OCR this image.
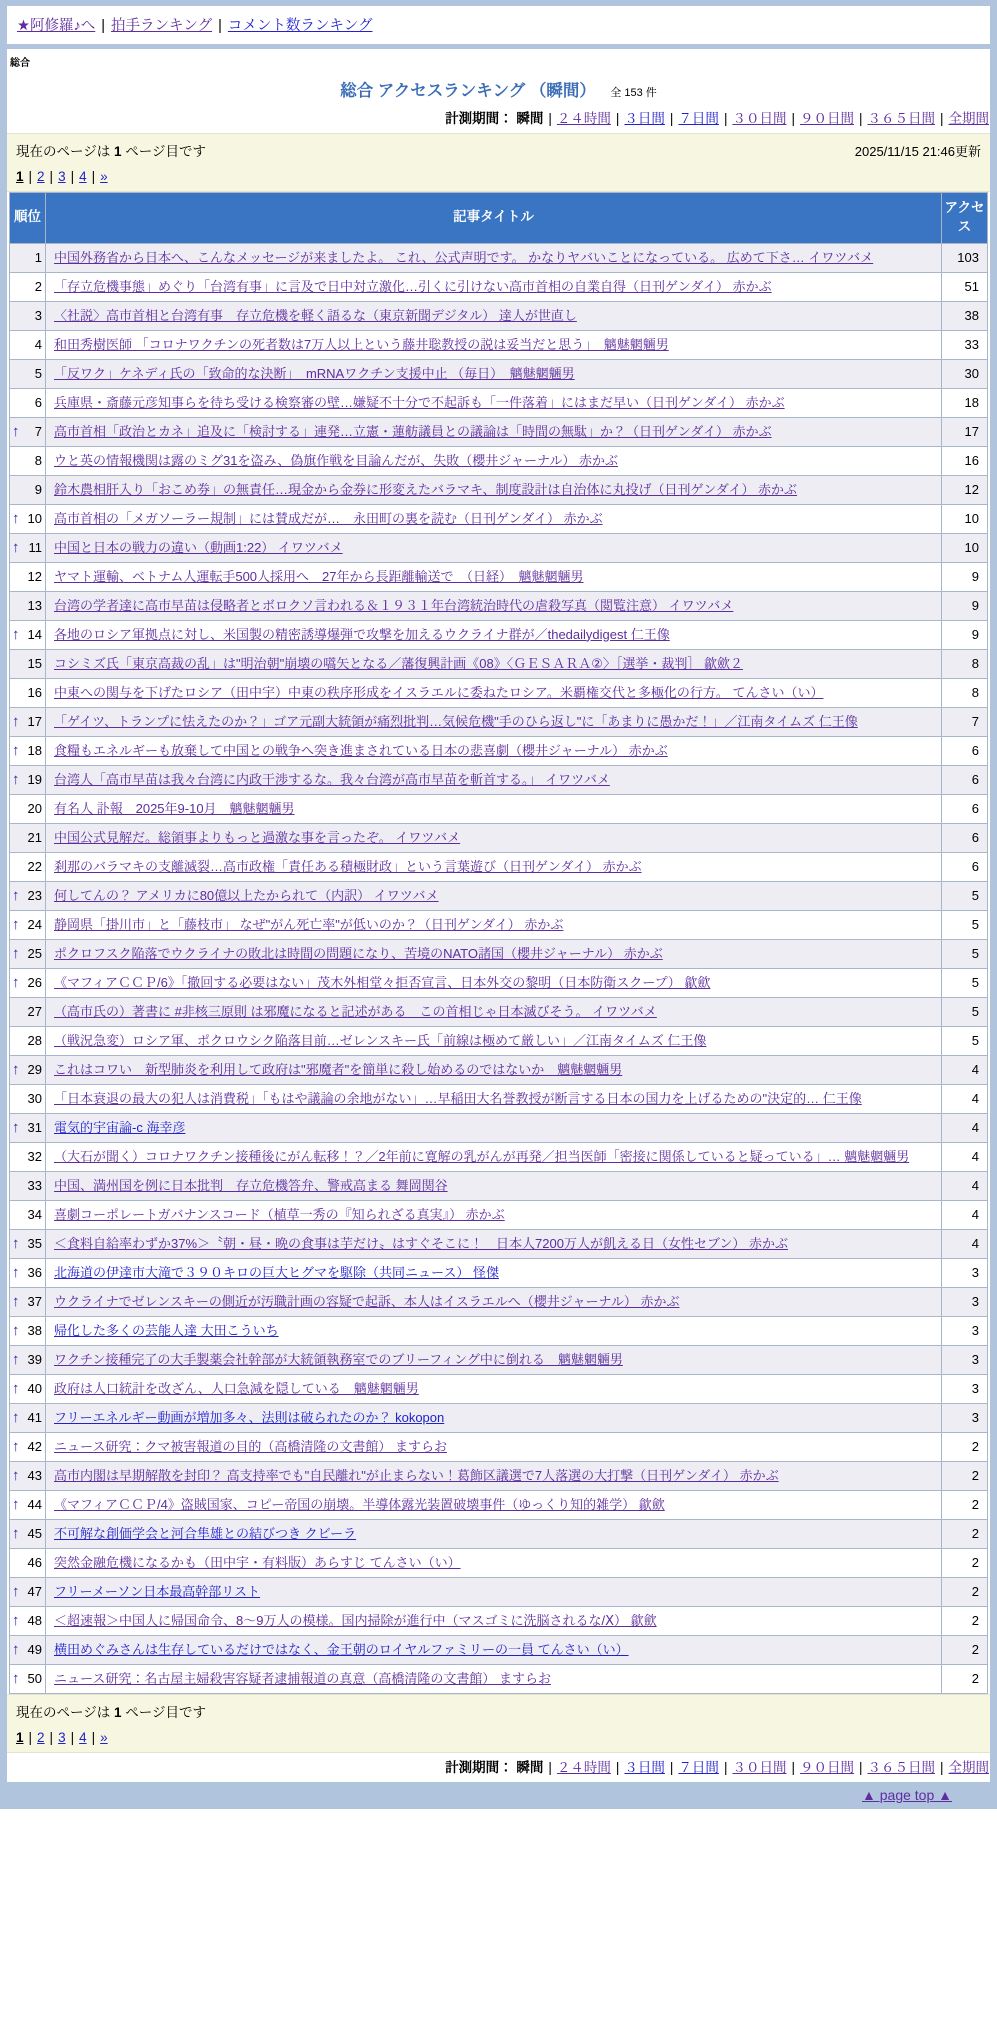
★阿修羅♪へ | 拍手ランキング | コメント数ランキング
総合
総合 アクセスランキング （瞬間） 全 153 件
計測期間： 瞬間 | ２４時間 | ３日間 | ７日間 | ３０日間 | ９０日間 | ３６５日間 | 全期間
現在のページは 1 ページ目です	2025/11/15 21:46更新
1 | 2 | 3 | 4 | »
順位	記事タイトル	アクセス

1	中国外務省から日本へ、こんなメッセージが来ましたよ。 これ、公式声明です。 かなりヤバいことになっている。 広めて下さ… イワツバメ	103

2	「存立危機事態」めぐり「台湾有事」に言及で日中対立激化…引くに引けない高市首相の自業自得（日刊ゲンダイ） 赤かぶ	51

3	〈社説〉高市首相と台湾有事　存立危機を軽く語るな（東京新聞デジタル） 達人が世直し	38

4	和田秀樹医師 「コロナワクチンの死者数は7万人以上という藤井聡教授の説は妥当だと思う」　魑魅魍魎男	33

5	「反ワク」ケネディ氏の「致命的な決断」　mRNAワクチン支援中止 （毎日）　魑魅魍魎男	30

6	兵庫県・斎藤元彦知事らを待ち受ける検察審の壁…嫌疑不十分で不起訴も「一件落着」にはまだ早い（日刊ゲンダイ） 赤かぶ	18

↑ 7	高市首相「政治とカネ」追及に「検討する」連発…立憲・蓮舫議員との議論は「時間の無駄」か？（日刊ゲンダイ） 赤かぶ	17

8	ウと英の情報機関は露のミグ31を盗み、偽旗作戦を目論んだが、失敗（櫻井ジャーナル） 赤かぶ	16

9	鈴木農相肝入り「おこめ券」の無責任…現金から金券に形変えたバラマキ、制度設計は自治体に丸投げ（日刊ゲンダイ） 赤かぶ	12

↑ 10	高市首相の「メガソーラー規制」には賛成だが…　永田町の裏を読む（日刊ゲンダイ） 赤かぶ	10

↑ 11	中国と日本の戦力の違い（動画1:22） イワツバメ	10

12	ヤマト運輸、ベトナム人運転手500人採用へ　27年から長距離輸送で　（日経）　魑魅魍魎男	9

13	台湾の学者達に高市早苗は侵略者とボロクソ言われる＆１９３１年台湾統治時代の虐殺写真（閲覧注意） イワツバメ	9

↑ 14	各地のロシア軍拠点に対し、米国製の精密誘導爆弾で攻撃を加えるウクライナ群が／thedailydigest 仁王像	9

15	コシミズ氏「東京高裁の乱」は"明治朝"崩壊の嚆矢となる／藩復興計画《08》〈ＧＥＳＡＲＡ②〉［選挙・裁判］ 歙歛２	8

16	中東への関与を下げたロシア（田中宇）中東の秩序形成をイスラエルに委ねたロシア。米覇権交代と多極化の行方。 てんさい（い）	8

↑ 17	「ゲイツ、トランプに怯えたのか？」ゴア元副大統領が痛烈批判…気候危機"手のひら返し"に「あまりに愚かだ！」／江南タイムズ 仁王像	7

↑ 18	食糧もエネルギーも放棄して中国との戦争へ突き進まされている日本の悲喜劇（櫻井ジャーナル） 赤かぶ	6

↑ 19	台湾人「高市早苗は我々台湾に内政干渉するな。我々台湾が高市早苗を斬首する。」 イワツバメ	6

20	有名人 訃報　2025年9-10月　魑魅魍魎男	6

21	中国公式見解だ。総領事よりもっと過激な事を言ったぞ。 イワツバメ	6

22	刹那のバラマキの支離滅裂…高市政権「責任ある積極財政」という言葉遊び（日刊ゲンダイ） 赤かぶ	6

↑ 23	何してんの？ アメリカに80億以上たかられて（内訳） イワツバメ	5

↑ 24	静岡県「掛川市」と「藤枝市」 なぜ"がん死亡率"が低いのか？（日刊ゲンダイ） 赤かぶ	5

↑ 25	ポクロフスク陥落でウクライナの敗北は時間の問題になり、苦境のNATO諸国（櫻井ジャーナル） 赤かぶ	5

↑ 26	《マフィアＣＣＰ/6》「撤回する必要はない」茂木外相堂々拒否宣言、日本外交の黎明（日本防衛スクープ） 歙歛	5

27	（高市氏の）著書に #非核三原則 は邪魔になると記述がある　この首相じゃ日本滅びそう。 イワツバメ	5

28	（戦況急変）ロシア軍、ポクロウシク陥落目前…ゼレンスキー氏「前線は極めて厳しい」／江南タイムズ 仁王像	5

↑ 29	これはコワい　新型肺炎を利用して政府は"邪魔者"を簡単に殺し始めるのではないか　魑魅魍魎男	4

30	「日本衰退の最大の犯人は消費税」「もはや議論の余地がない」…早稲田大名誉教授が断言する日本の国力を上げるための"決定的… 仁王像	4

↑ 31	電気的宇宙論-c 海幸彦	4

32	（大石が聞く）コロナワクチン接種後にがん転移！？／2年前に寛解の乳がんが再発／担当医師「密接に関係していると疑っている」… 魑魅魍魎男	4

33	中国、満州国を例に日本批判　存立危機答弁、警戒高まる 舞岡関谷	4

34	喜劇コーポレートガバナンスコード（植草一秀の『知られざる真実』） 赤かぶ	4

↑ 35	＜食料自給率わずか37%＞〝朝・昼・晩の食事は芋だけ〟はすぐそこに！　日本人7200万人が飢える日（女性セブン） 赤かぶ	4

↑ 36	北海道の伊達市大滝で３９０キロの巨大ヒグマを駆除（共同ニュース） 怪傑	3

↑ 37	ウクライナでゼレンスキーの側近が汚職計画の容疑で起訴、本人はイスラエルへ（櫻井ジャーナル） 赤かぶ	3

↑ 38	帰化した多くの芸能人達 大田こういち	3

↑ 39	ワクチン接種完了の大手製薬会社幹部が大統領執務室でのブリーフィング中に倒れる　魑魅魍魎男	3

↑ 40	政府は人口統計を改ざん、人口急減を隠している　魑魅魍魎男	3

↑ 41	フリーエネルギー動画が増加多々、法則は破られたのか？ kokopon	3

↑ 42	ニュース研究：クマ被害報道の目的（高橋清隆の文書館） ますらお	2

↑ 43	高市内閣は早期解散を封印？ 高支持率でも"自民離れ"が止まらない！葛飾区議選で7人落選の大打撃（日刊ゲンダイ） 赤かぶ	2

↑ 44	《マフィアＣＣＰ/4》盗賊国家、コピー帝国の崩壊。半導体露光装置破壊事件（ゆっくり知的雑学） 歙歛	2

↑ 45	不可解な創価学会と河合隼雄との結びつき クビーラ	2

46	突然金融危機になるかも（田中宇・有料版）あらすじ てんさい（い）	2

↑ 47	フリーメーソン日本最高幹部リスト	2

↑ 48	＜超速報＞中国人に帰国命令、8～9万人の模様。国内掃除が進行中（マスゴミに洗脳されるな/Ⅹ） 歙歛	2

↑ 49	横田めぐみさんは生存しているだけではなく、金王朝のロイヤルファミリーの一員 てんさい（い）	2

↑ 50	ニュース研究：名古屋主婦殺害容疑者逮捕報道の真意（高橋清隆の文書館） ますらお	2
現在のページは 1 ページ目です
1 | 2 | 3 | 4 | »
計測期間： 瞬間 | ２４時間 | ３日間 | ７日間 | ３０日間 | ９０日間 | ３６５日間 | 全期間
▲ page top ▲
